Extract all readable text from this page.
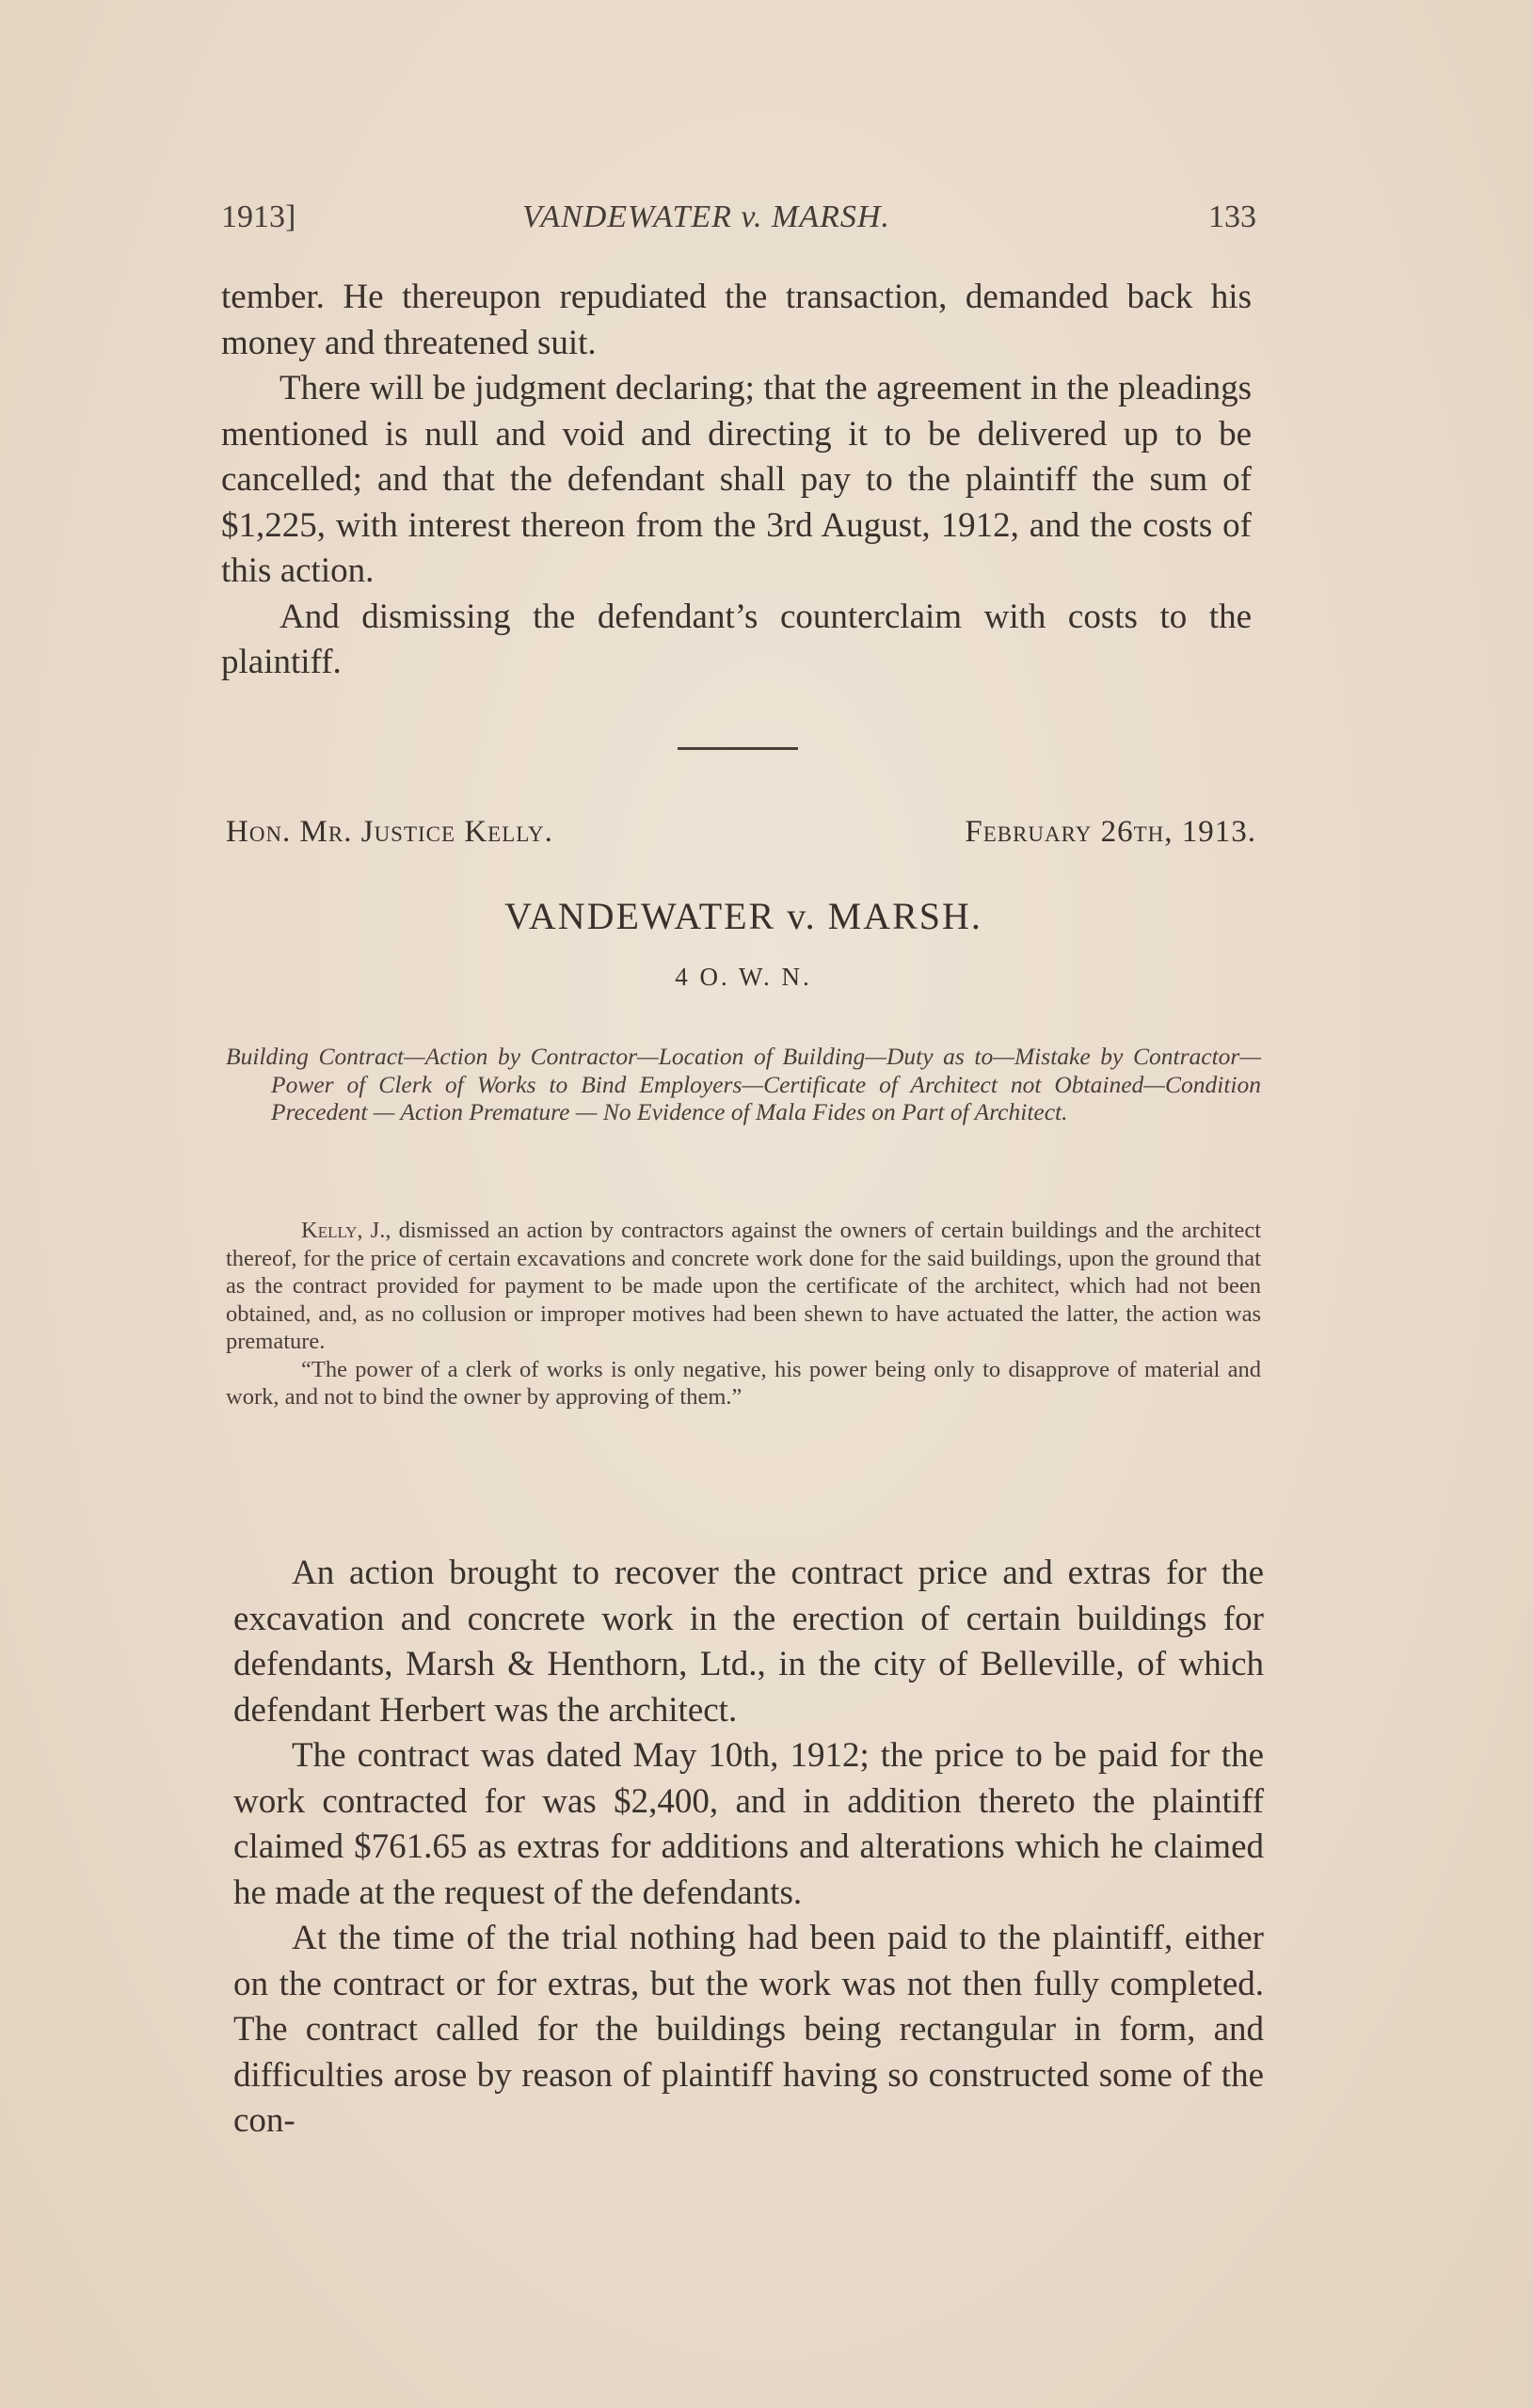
1913]	VANDEWATER v. MARSH.	133

tember. He thereupon repudiated the transaction, demanded back his money and threatened suit.

There will be judgment declaring; that the agreement in the pleadings mentioned is null and void and directing it to be delivered up to be cancelled; and that the defendant shall pay to the plaintiff the sum of $1,225, with interest thereon from the 3rd August, 1912, and the costs of this action.

And dismissing the defendant’s counterclaim with costs to the plaintiff.

Hon. Mr. Justice Kelly.	February 26th, 1913.
VANDEWATER v. MARSH.
4 O. W. N.
Building Contract—Action by Contractor—Location of Building—Duty as to—Mistake by Contractor—Power of Clerk of Works to Bind Employers—Certificate of Architect not Obtained—Condition Precedent — Action Premature — No Evidence of Mala Fides on Part of Architect.

Kelly, J., dismissed an action by contractors against the owners of certain buildings and the architect thereof, for the price of certain excavations and concrete work done for the said buildings, upon the ground that as the contract provided for payment to be made upon the certificate of the architect, which had not been obtained, and, as no collusion or improper motives had been shewn to have actuated the latter, the action was premature.

“The power of a clerk of works is only negative, his power being only to disapprove of material and work, and not to bind the owner by approving of them.”

An action brought to recover the contract price and extras for the excavation and concrete work in the erection of certain buildings for defendants, Marsh & Henthorn, Ltd., in the city of Belleville, of which defendant Herbert was the architect.

The contract was dated May 10th, 1912; the price to be paid for the work contracted for was $2,400, and in addition thereto the plaintiff claimed $761.65 as extras for additions and alterations which he claimed he made at the request of the defendants.

At the time of the trial nothing had been paid to the plaintiff, either on the contract or for extras, but the work was not then fully completed. The contract called for the buildings being rectangular in form, and difficulties arose by reason of plaintiff having so constructed some of the con-
